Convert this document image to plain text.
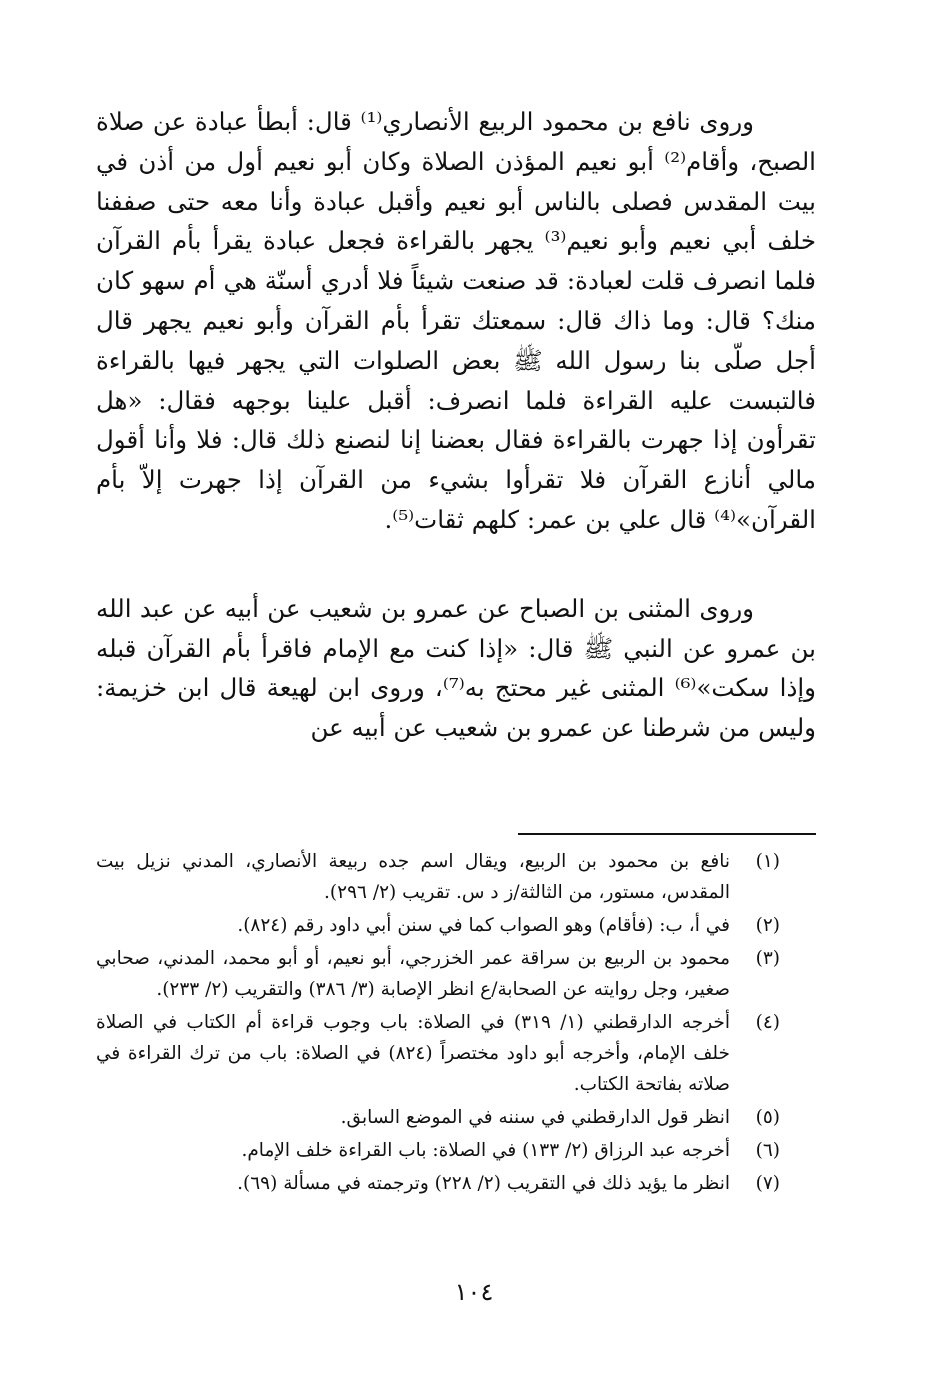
وروى نافع بن محمود الربيع الأنصاري⁽¹⁾ قال: أبطأ عبادة عن صلاة الصبح، وأقام⁽²⁾ أبو نعيم المؤذن الصلاة وكان أبو نعيم أول من أذن في بيت المقدس فصلى بالناس أبو نعيم وأقبل عبادة وأنا معه حتى صففنا خلف أبي نعيم وأبو نعيم⁽³⁾ يجهر بالقراءة فجعل عبادة يقرأ بأم القرآن فلما انصرف قلت لعبادة: قد صنعت شيئاً فلا أدري أسنّة هي أم سهو كان منك؟ قال: وما ذاك قال: سمعتك تقرأ بأم القرآن وأبو نعيم يجهر قال أجل صلّى بنا رسول الله ﷺ بعض الصلوات التي يجهر فيها بالقراءة فالتبست عليه القراءة فلما انصرف: أقبل علينا بوجهه فقال: «هل تقرأون إذا جهرت بالقراءة فقال بعضنا إنا لنصنع ذلك قال: فلا وأنا أقول مالي أنازع القرآن فلا تقرأوا بشيء من القرآن إذا جهرت إلاّ بأم القرآن»⁽⁴⁾ قال علي بن عمر: كلهم ثقات⁽⁵⁾.

وروى المثنى بن الصباح عن عمرو بن شعيب عن أبيه عن عبد الله بن عمرو عن النبي ﷺ قال: «إذا كنت مع الإمام فاقرأ بأم القرآن قبله وإذا سكت»⁽⁶⁾ المثنى غير محتج به⁽⁷⁾، وروى ابن لهيعة قال ابن خزيمة: وليس من شرطنا عن عمرو بن شعيب عن أبيه عن

(١)
نافع بن محمود بن الربيع، ويقال اسم جده ربيعة الأنصاري، المدني نزيل بيت المقدس، مستور، من الثالثة/ز د س. تقريب (٢/ ٢٩٦).
(٢)
في أ، ب: (فأقام) وهو الصواب كما في سنن أبي داود رقم (٨٢٤).
(٣)
محمود بن الربيع بن سراقة عمر الخزرجي، أبو نعيم، أو أبو محمد، المدني، صحابي صغير، وجل روايته عن الصحابة/ع انظر الإصابة (٣/ ٣٨٦) والتقريب (٢/ ٢٣٣).
(٤)
أخرجه الدارقطني (١/ ٣١٩) في الصلاة: باب وجوب قراءة أم الكتاب في الصلاة خلف الإمام، وأخرجه أبو داود مختصراً (٨٢٤) في الصلاة: باب من ترك القراءة في صلاته بفاتحة الكتاب.
(٥)
انظر قول الدارقطني في سننه في الموضع السابق.
(٦)
أخرجه عبد الرزاق (٢/ ١٣٣) في الصلاة: باب القراءة خلف الإمام.
(٧)
انظر ما يؤيد ذلك في التقريب (٢/ ٢٢٨) وترجمته في مسألة (٦٩).
١٠٤
